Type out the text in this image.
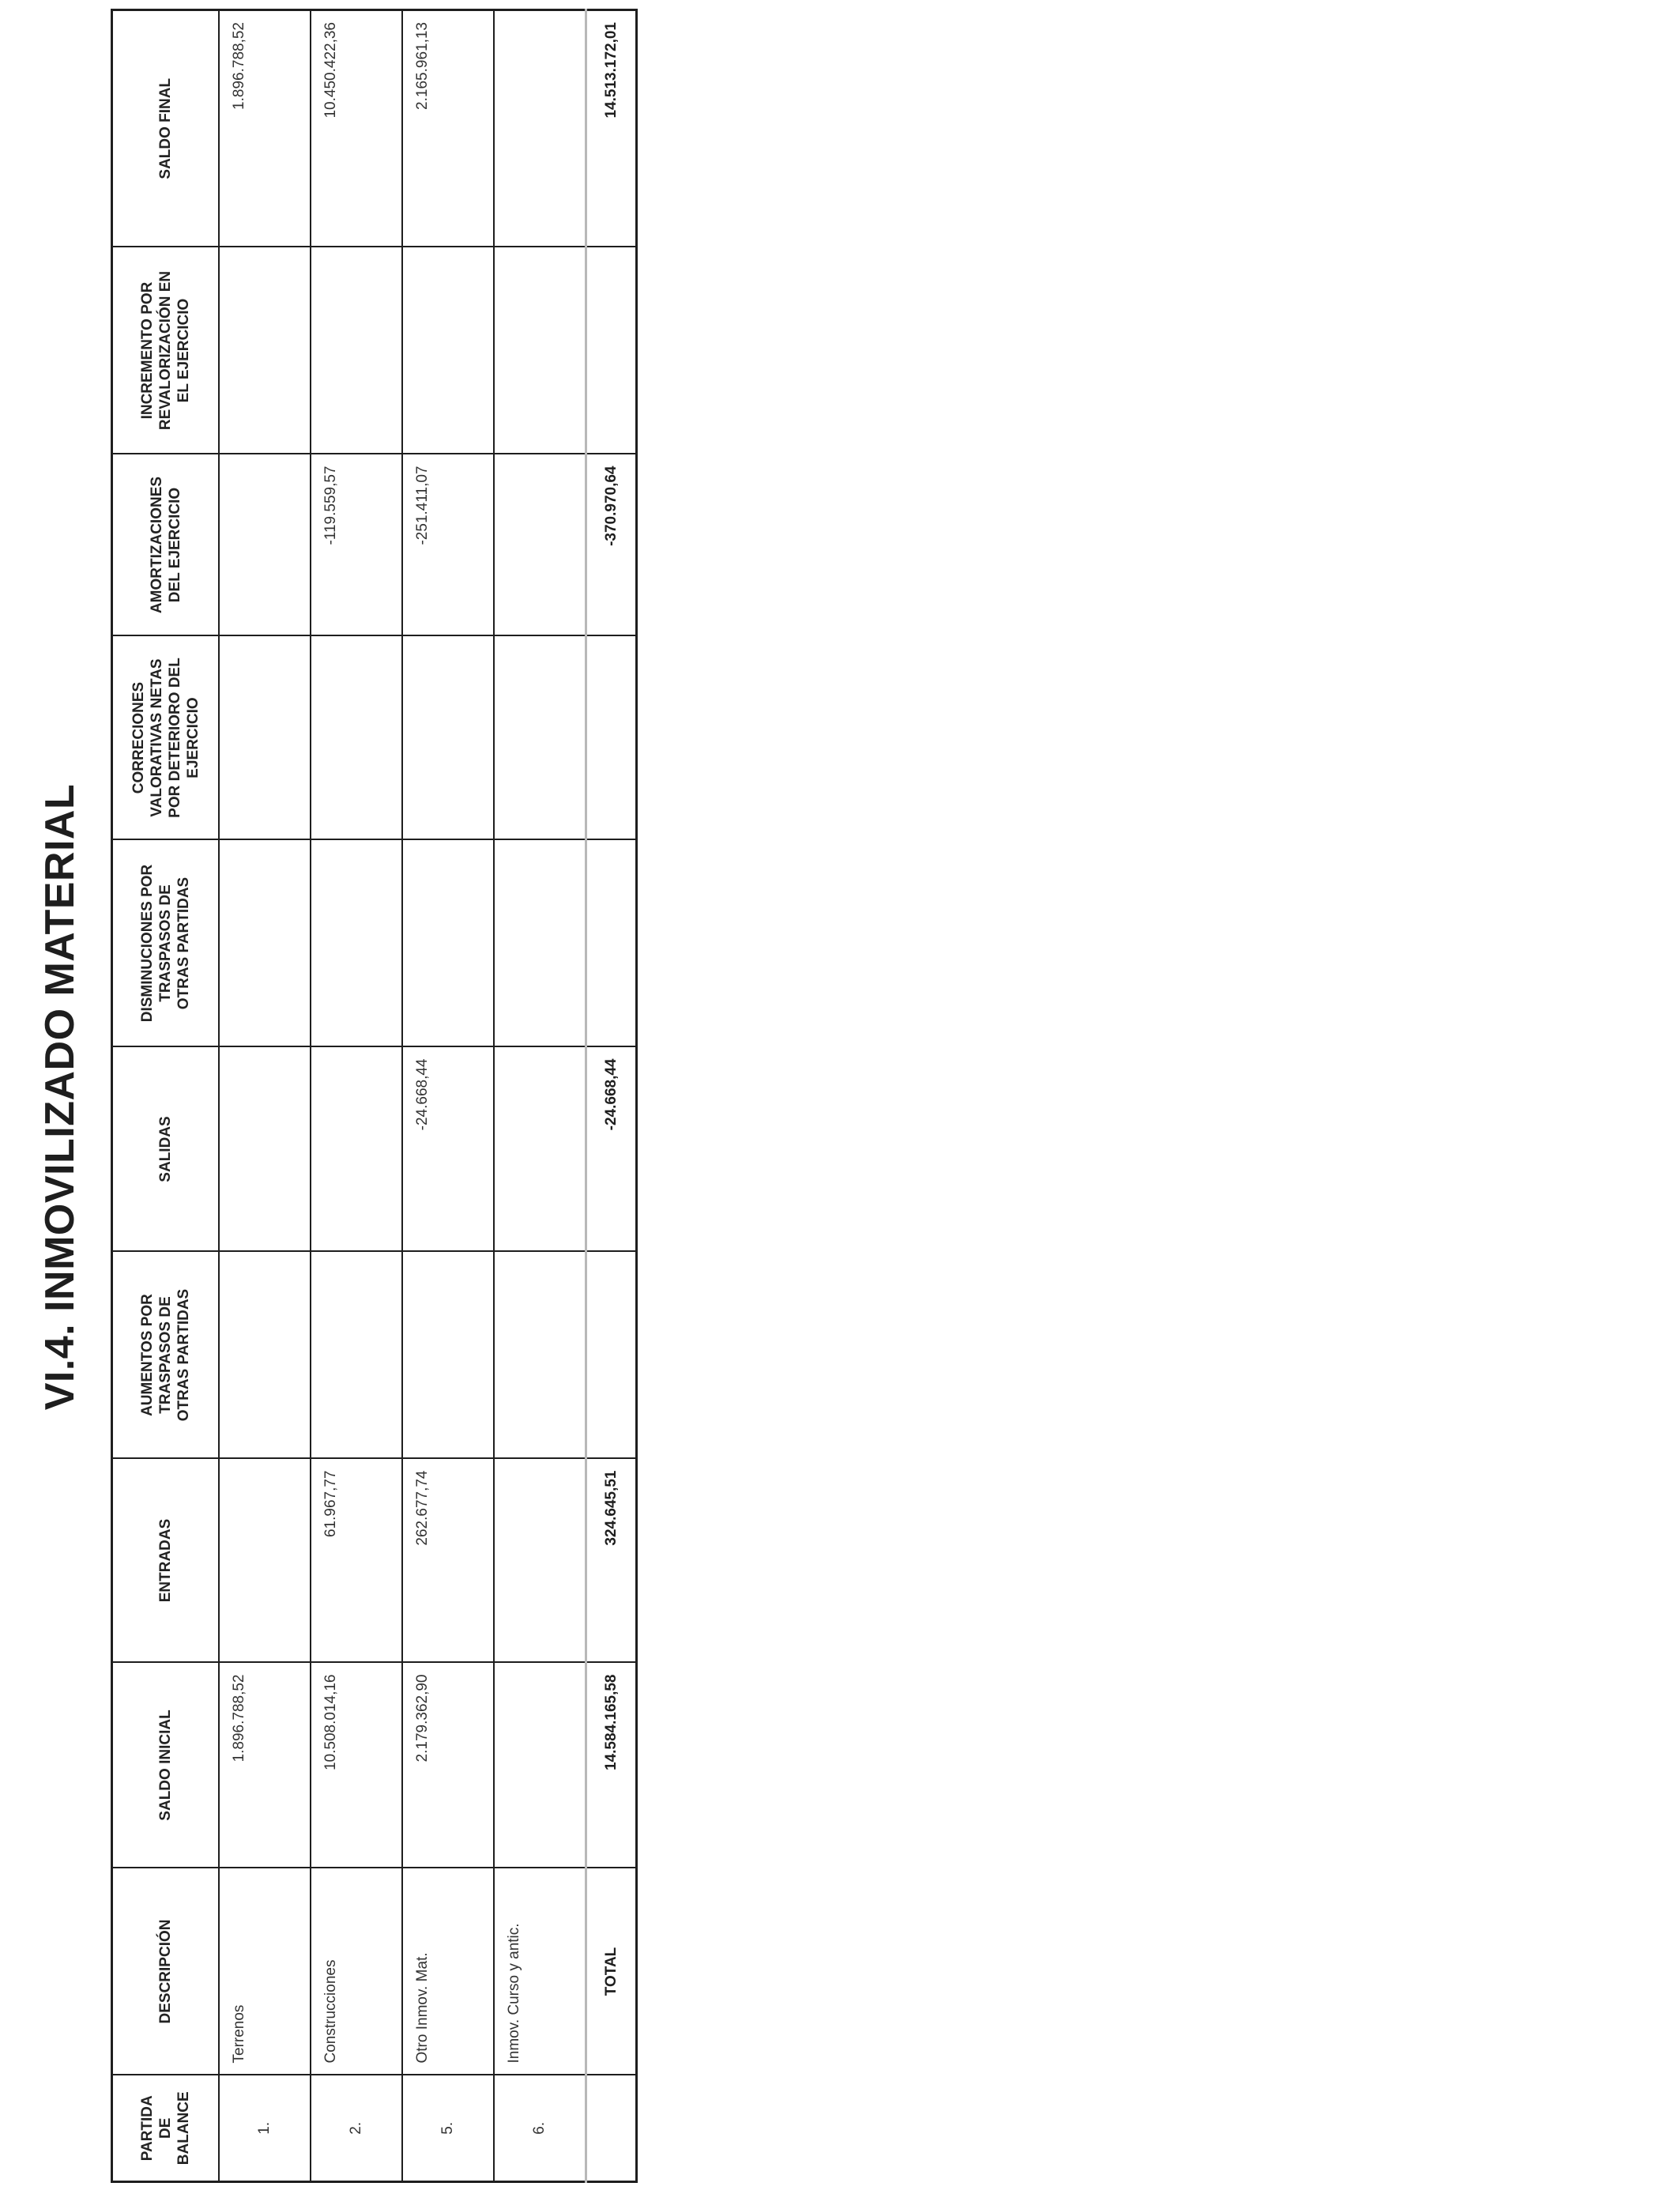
VI.4. INMOVILIZADO MATERIAL
PARTIDA DE
BALANCE	DESCRIPCIÓN	SALDO INICIAL	ENTRADAS	AUMENTOS POR
TRASPASOS DE
OTRAS PARTIDAS	SALIDAS	DISMINUCIONES POR
TRASPASOS DE
OTRAS PARTIDAS	CORRECIONES
VALORATIVAS NETAS
POR DETERIORO DEL
EJERCICIO	AMORTIZACIONES
DEL EJERCICIO	INCREMENTO POR
REVALORIZACIÓN EN
EL EJERCICIO	SALDO FINAL
1.	Terrenos	1.896.788,52								1.896.788,52
2.	Construcciones	10.508.014,16	61.967,77					-119.559,57		10.450.422,36
5.	Otro Inmov. Mat.	2.179.362,90	262.677,74		-24.668,44			-251.411,07		2.165.961,13
6.	Inmov. Curso y antic.									
	TOTAL	14.584.165,58	324.645,51		-24.668,44			-370.970,64		14.513.172,01
